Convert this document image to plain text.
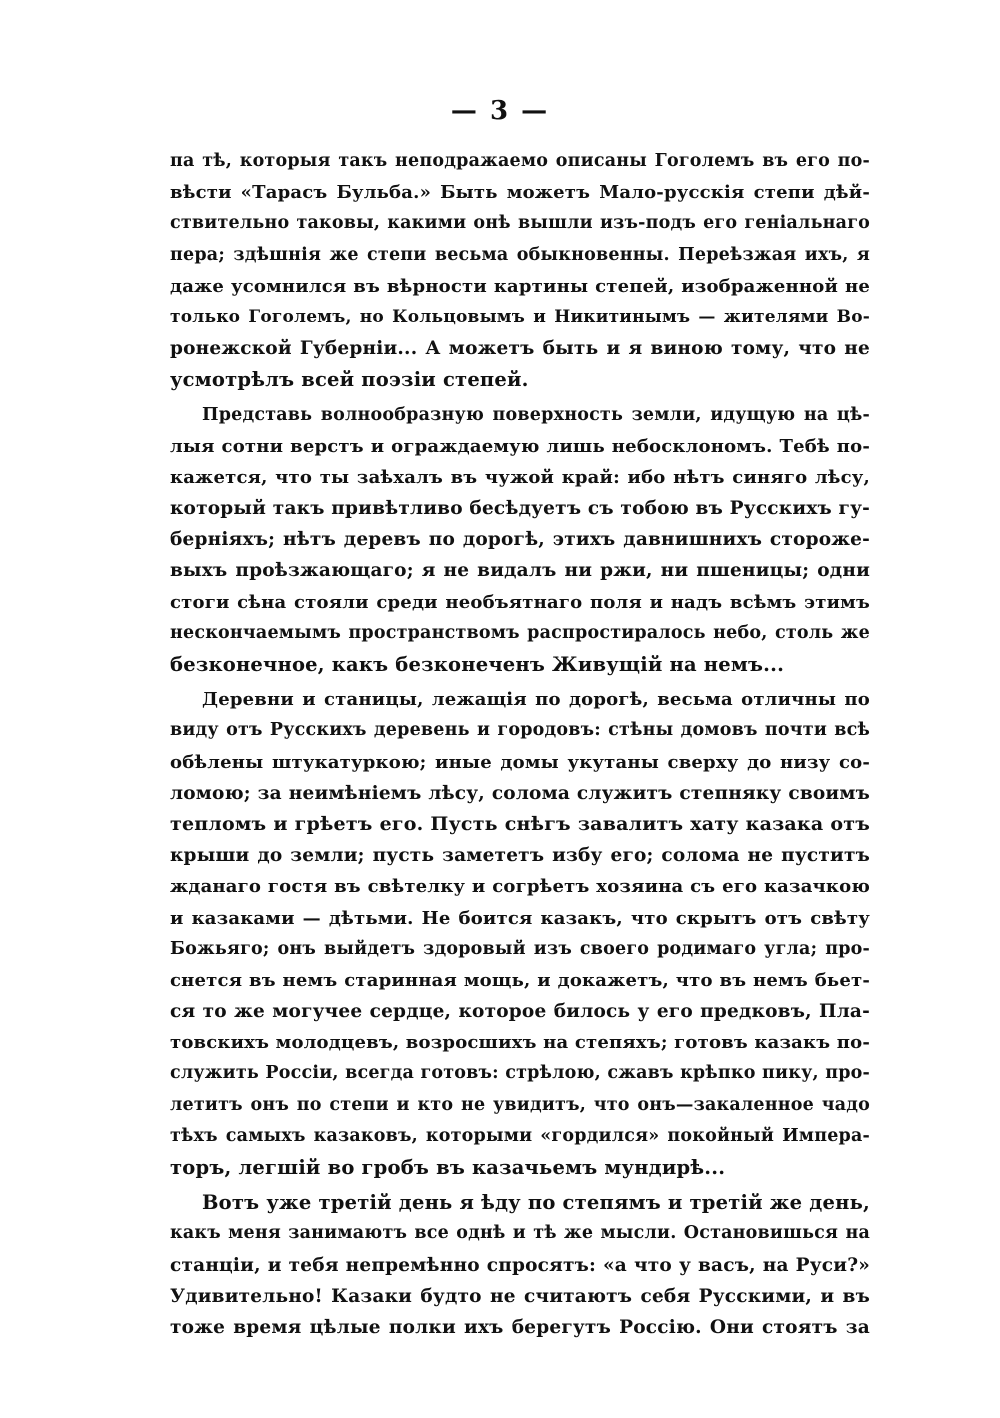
— 3 —
па тѣ, которыя такъ неподражаемо описаны Гоголемъ въ его по-
вѣсти «Тарасъ Бульба.» Быть можетъ Мало-русскія степи дѣй-
ствительно таковы, какими онѣ вышли изъ-подъ его геніальнаго
пера; здѣшнія же степи весьма обыкновенны. Переѣзжая ихъ, я
даже усомнился въ вѣрности картины степей, изображенной не
только Гоголемъ, но Кольцовымъ и Никитинымъ — жителями Во-
ронежской Губерніи... А можетъ быть и я виною тому, что не
усмотрѣлъ всей поэзіи степей.
Представь волнообразную поверхность земли, идущую на цѣ-
лыя сотни верстъ и ограждаемую лишь небосклономъ. Тебѣ по-
кажется, что ты заѣхалъ въ чужой край: ибо нѣтъ синяго лѣсу,
который такъ привѣтливо бесѣдуетъ съ тобою въ Русскихъ гу-
берніяхъ; нѣтъ деревъ по дорогѣ, этихъ давнишнихъ стороже-
выхъ проѣзжающаго; я не видалъ ни ржи, ни пшеницы; одни
стоги сѣна стояли среди необъятнаго поля и надъ всѣмъ этимъ
нескончаемымъ пространствомъ распростиралось небо, столь же
безконечное, какъ безконеченъ Живущій на немъ...
Деревни и станицы, лежащія по дорогѣ, весьма отличны по
виду отъ Русскихъ деревень и городовъ: стѣны домовъ почти всѣ
обѣлены штукатуркою; иные домы укутаны сверху до низу со-
ломою; за неимѣніемъ лѣсу, солома служитъ степняку своимъ
тепломъ и грѣетъ его. Пусть снѣгъ завалитъ хату казака отъ
крыши до земли; пусть замететъ избу его; солома не пуститъ
жданаго гостя въ свѣтелку и согрѣетъ хозяина съ его казачкою
и казаками — дѣтьми. Не боится казакъ, что скрытъ отъ свѣту
Божьяго; онъ выйдетъ здоровый изъ своего родимаго угла; про-
снется въ немъ старинная мощь, и докажетъ, что въ немъ бьет-
ся то же могучее сердце, которое билось у его предковъ, Пла-
товскихъ молодцевъ, возросшихъ на степяхъ; готовъ казакъ по-
служить Россіи, всегда готовъ: стрѣлою, сжавъ крѣпко пику, про-
летитъ онъ по степи и кто не увидитъ, что онъ—закаленное чадо
тѣхъ самыхъ казаковъ, которыми «гордился» покойный Импера-
торъ, легшій во гробъ въ казачьемъ мундирѣ...
Вотъ уже третій день я ѣду по степямъ и третій же день,
какъ меня занимаютъ все однѣ и тѣ же мысли. Остановишься на
станціи, и тебя непремѣнно спросятъ: «а что у васъ, на Руси?»
Удивительно! Казаки будто не считаютъ себя Русскими, и въ
тоже время цѣлые полки ихъ берегутъ Россію. Они стоятъ за
